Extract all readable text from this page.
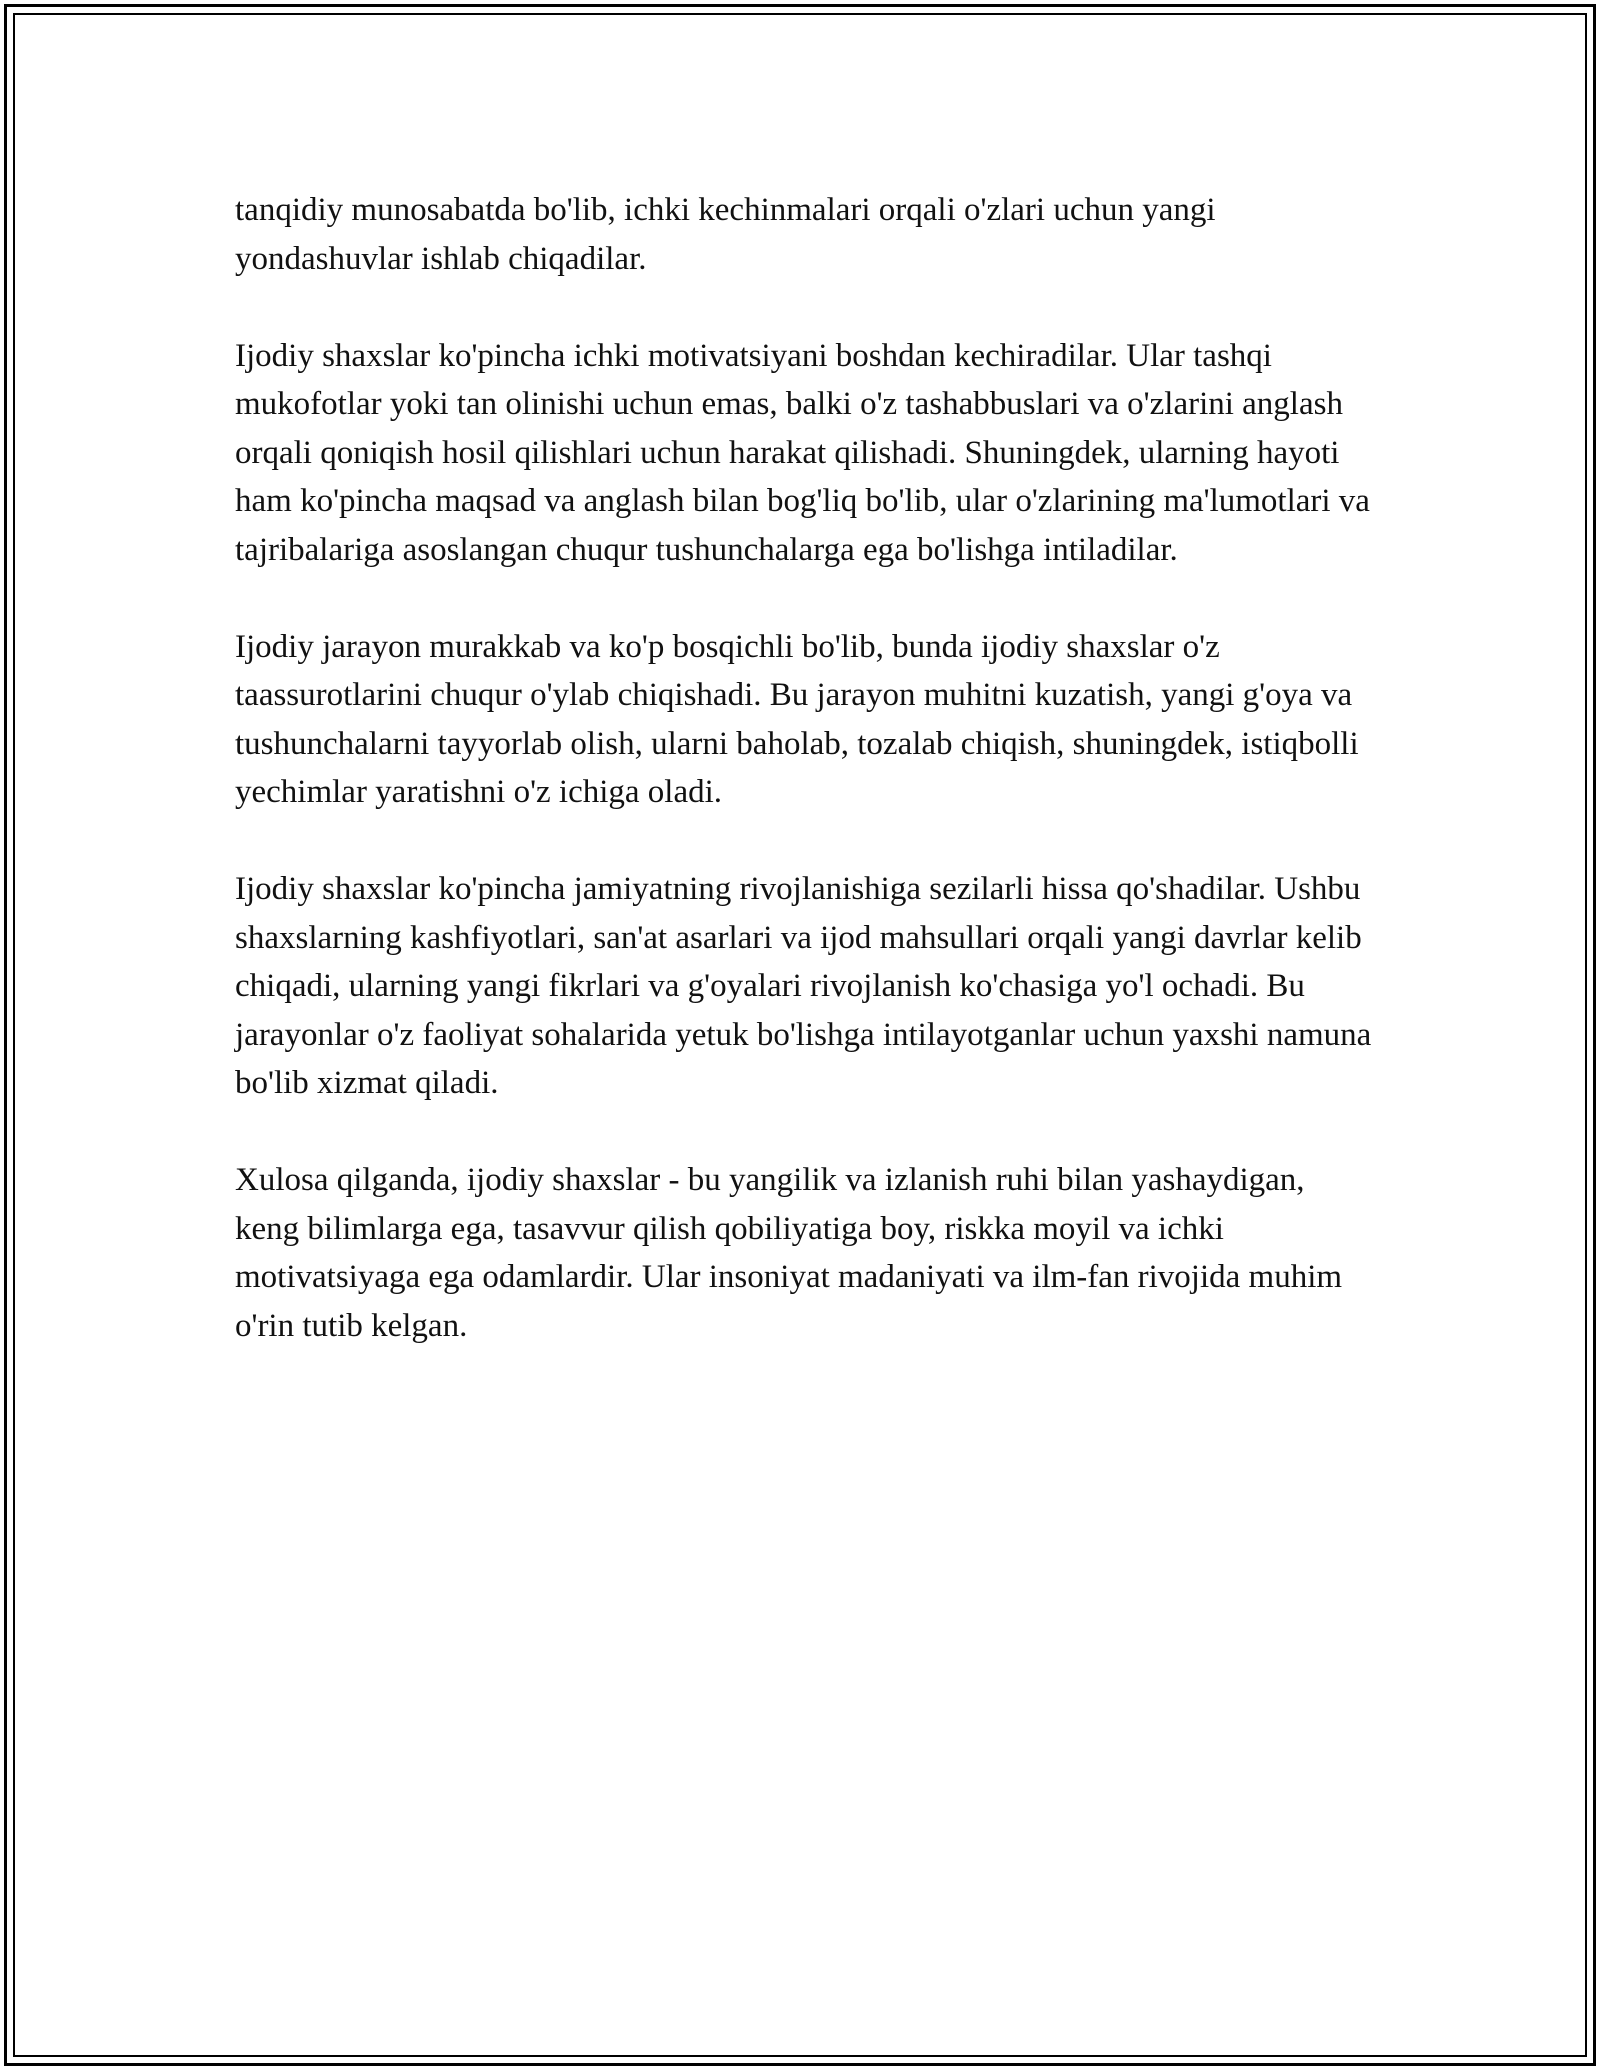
tanqidiy munosabatda bo'lib, ichki kechinmalari orqali o'zlari uchun yangi yondashuvlar ishlab chiqadilar.

Ijodiy shaxslar ko'pincha ichki motivatsiyani boshdan kechiradilar. Ular tashqi mukofotlar yoki tan olinishi uchun emas, balki o'z tashabbuslari va o'zlarini anglash orqali qoniqish hosil qilishlari uchun harakat qilishadi. Shuningdek, ularning hayoti ham ko'pincha maqsad va anglash bilan bog'liq bo'lib, ular o'zlarining ma'lumotlari va tajribalariga asoslangan chuqur tushunchalarga ega bo'lishga intiladilar.

Ijodiy jarayon murakkab va ko'p bosqichli bo'lib, bunda ijodiy shaxslar o'z taassurotlarini chuqur o'ylab chiqishadi. Bu jarayon muhitni kuzatish, yangi g'oya va tushunchalarni tayyorlab olish, ularni baholab, tozalab chiqish, shuningdek, istiqbolli yechimlar yaratishni o'z ichiga oladi.

Ijodiy shaxslar ko'pincha jamiyatning rivojlanishiga sezilarli hissa qo'shadilar. Ushbu shaxslarning kashfiyotlari, san'at asarlari va ijod mahsullari orqali yangi davrlar kelib chiqadi, ularning yangi fikrlari va g'oyalari rivojlanish ko'chasiga yo'l ochadi. Bu jarayonlar o'z faoliyat sohalarida yetuk bo'lishga intilayotganlar uchun yaxshi namuna bo'lib xizmat qiladi.

Xulosa qilganda, ijodiy shaxslar - bu yangilik va izlanish ruhi bilan yashaydigan, keng bilimlarga ega, tasavvur qilish qobiliyatiga boy, riskka moyil va ichki motivatsiyaga ega odamlardir. Ular insoniyat madaniyati va ilm-fan rivojida muhim o'rin tutib kelgan.
